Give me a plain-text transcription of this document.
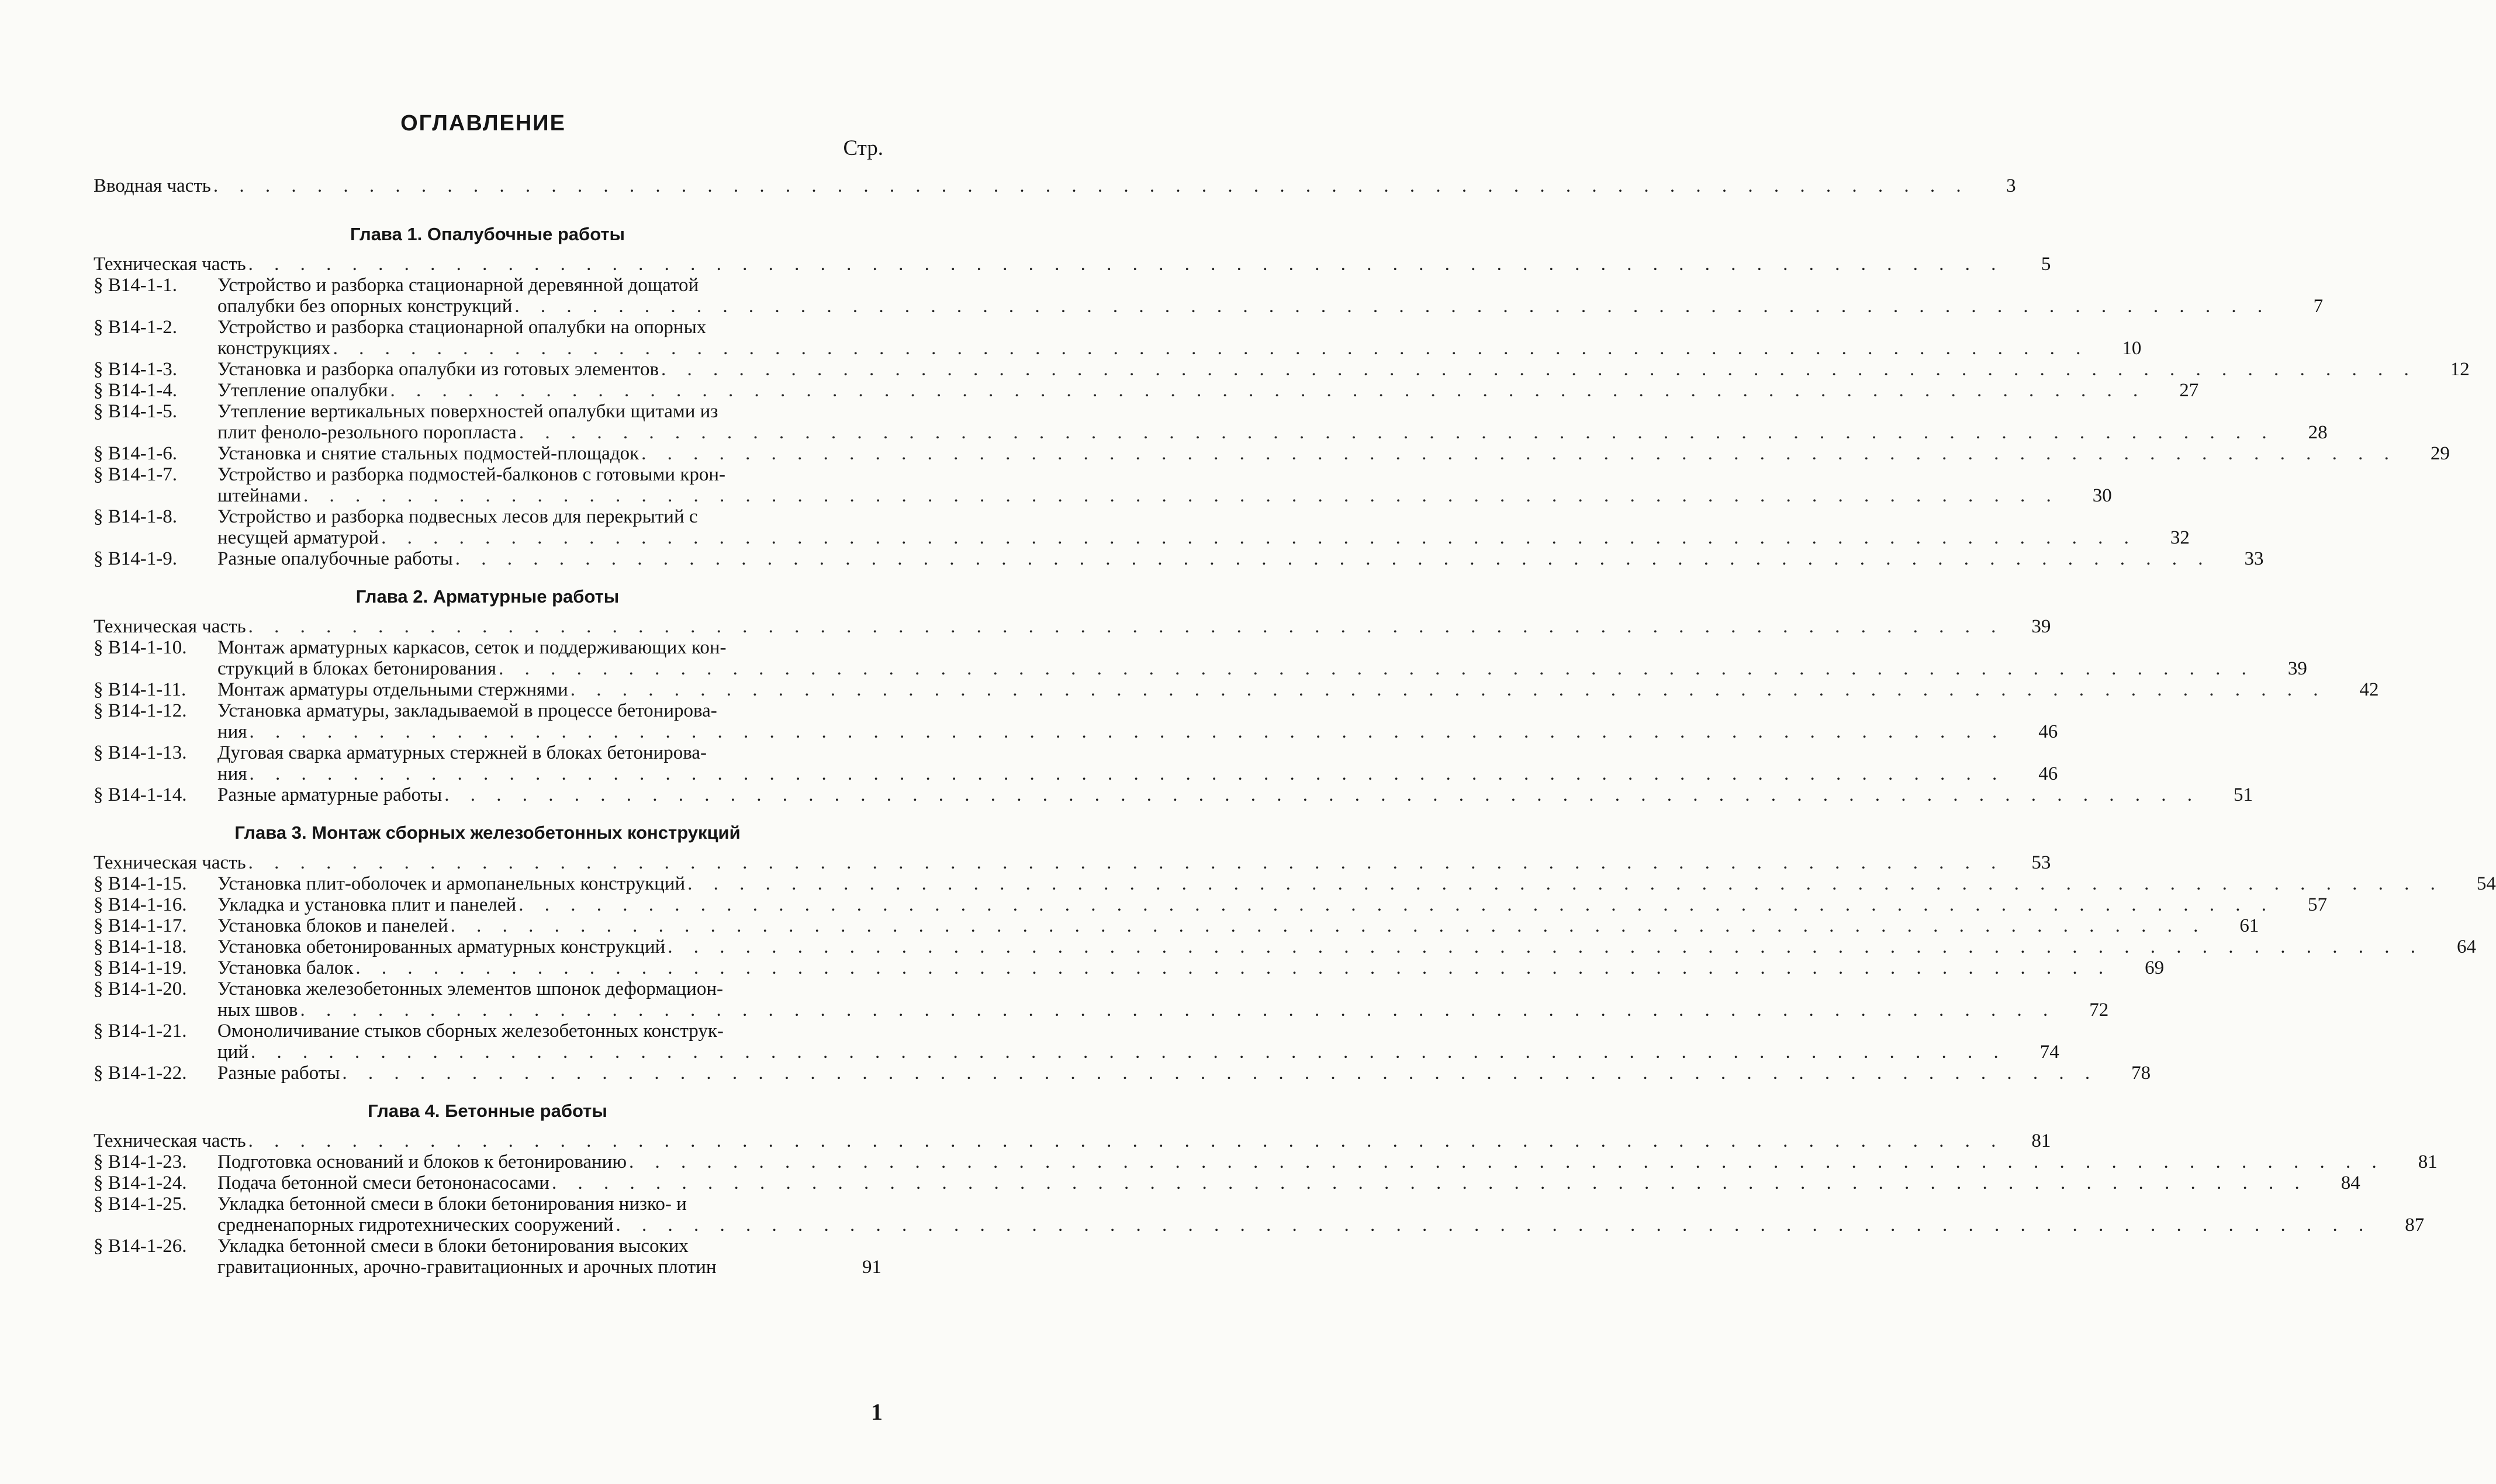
ОГЛАВЛЕНИЕ
Стр.
Вводная часть . . .	3
Глава 1. Опалубочные работы
Техническая часть . . .	5
§ В14-1-1.	Устройство и разборка стационарной деревянной дощатой
опалубки без опорных конструкций . . .	7
§ В14-1-2.	Устройство и разборка стационарной опалубки на опорных
конструкциях . . .	10
§ В14-1-3.	Установка и разборка опалубки из готовых элементов . . .	12
§ В14-1-4.	Утепление опалубки . . .	27
§ В14-1-5.	Утепление вертикальных поверхностей опалубки щитами из
плит феноло-резольного поропласта . . .	28
§ В14-1-6.	Установка и снятие стальных подмостей-площадок . . .	29
§ В14-1-7.	Устройство и разборка подмостей-балконов с готовыми крон-
штейнами . . .	30
§ В14-1-8.	Устройство и разборка подвесных лесов для перекрытий с
несущей арматурой . . .	32
§ В14-1-9.	Разные опалубочные работы . . .	33
Глава 2. Арматурные работы
Техническая часть . . .	39
§ В14-1-10.	Монтаж арматурных каркасов, сеток и поддерживающих кон-
струкций в блоках бетонирования . . .	39
§ В14-1-11.	Монтаж арматуры отдельными стержнями . . .	42
§ В14-1-12.	Установка арматуры, закладываемой в процессе бетонирова-
ния . . .	46
§ В14-1-13.	Дуговая сварка арматурных стержней в блоках бетонирова-
ния . . .	46
§ В14-1-14.	Разные арматурные работы . . .	51
Глава 3. Монтаж сборных железобетонных конструкций
Техническая часть . . .	53
§ В14-1-15.	Установка плит-оболочек и армопанельных конструкций . . .	54
§ В14-1-16.	Укладка и установка плит и панелей . . .	57
§ В14-1-17.	Установка блоков и панелей . . .	61
§ В14-1-18.	Установка обетонированных арматурных конструкций . . .	64
§ В14-1-19.	Установка балок . . .	69
§ В14-1-20.	Установка железобетонных элементов шпонок деформацион-
ных швов . . .	72
§ В14-1-21.	Омоноличивание стыков сборных железобетонных конструк-
ций . . .	74
§ В14-1-22.	Разные работы . . .	78
Глава 4. Бетонные работы
Техническая часть . . .	81
§ В14-1-23.	Подготовка оснований и блоков к бетонированию . . .	81
§ В14-1-24.	Подача бетонной смеси бетононасосами . . .	84
§ В14-1-25.	Укладка бетонной смеси в блоки бетонирования низко- и
средненапорных гидротехнических сооружений . . .	87
§ В14-1-26.	Укладка бетонной смеси в блоки бетонирования высоких
гравитационных, арочно-гравитационных и арочных плотин	91
1
